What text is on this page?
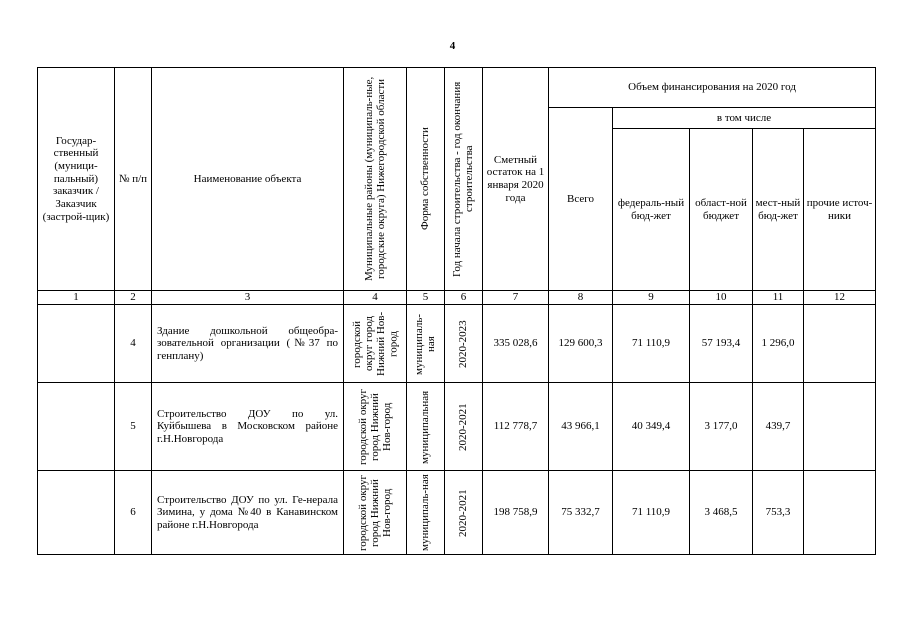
4
Государ-ственный (муници-пальный) заказчик / Заказчик (застрой-щик)	№ п/п	Наименование объекта	Муниципальные районы (муниципаль-ные, городские округа) Нижегородской области	Форма собственности	Год начала строительства - год окончания строительства	Сметный остаток на 1 января 2020 года	Объем финансирования на 2020 год				
							Всего	в том числе			
								федераль-ный бюд-жет	област-ной бюджет	мест-ный бюд-жет	прочие источ-ники
1	2	3	4	5	6	7	8	9	10	11	12
	4	Здание дошкольной общеобра-зовательной организации (№37 по генплану)	городской округ город Нижний Нов-город	муниципаль-ная	2020-2023	335 028,6	129 600,3	71 110,9	57 193,4	1 296,0	
	5	Строительство ДОУ по ул. Куйбышева в Московском районе г.Н.Новгорода	городской округ город Нижний Нов-город	муниципальная	2020-2021	112 778,7	43 966,1	40 349,4	3 177,0	439,7	
	6	Строительство ДОУ по ул. Ге-нерала Зимина, у дома №40 в Канавинском районе г.Н.Новгорода	городской округ город Нижний Нов-город	муниципаль-ная	2020-2021	198 758,9	75 332,7	71 110,9	3 468,5	753,3	
